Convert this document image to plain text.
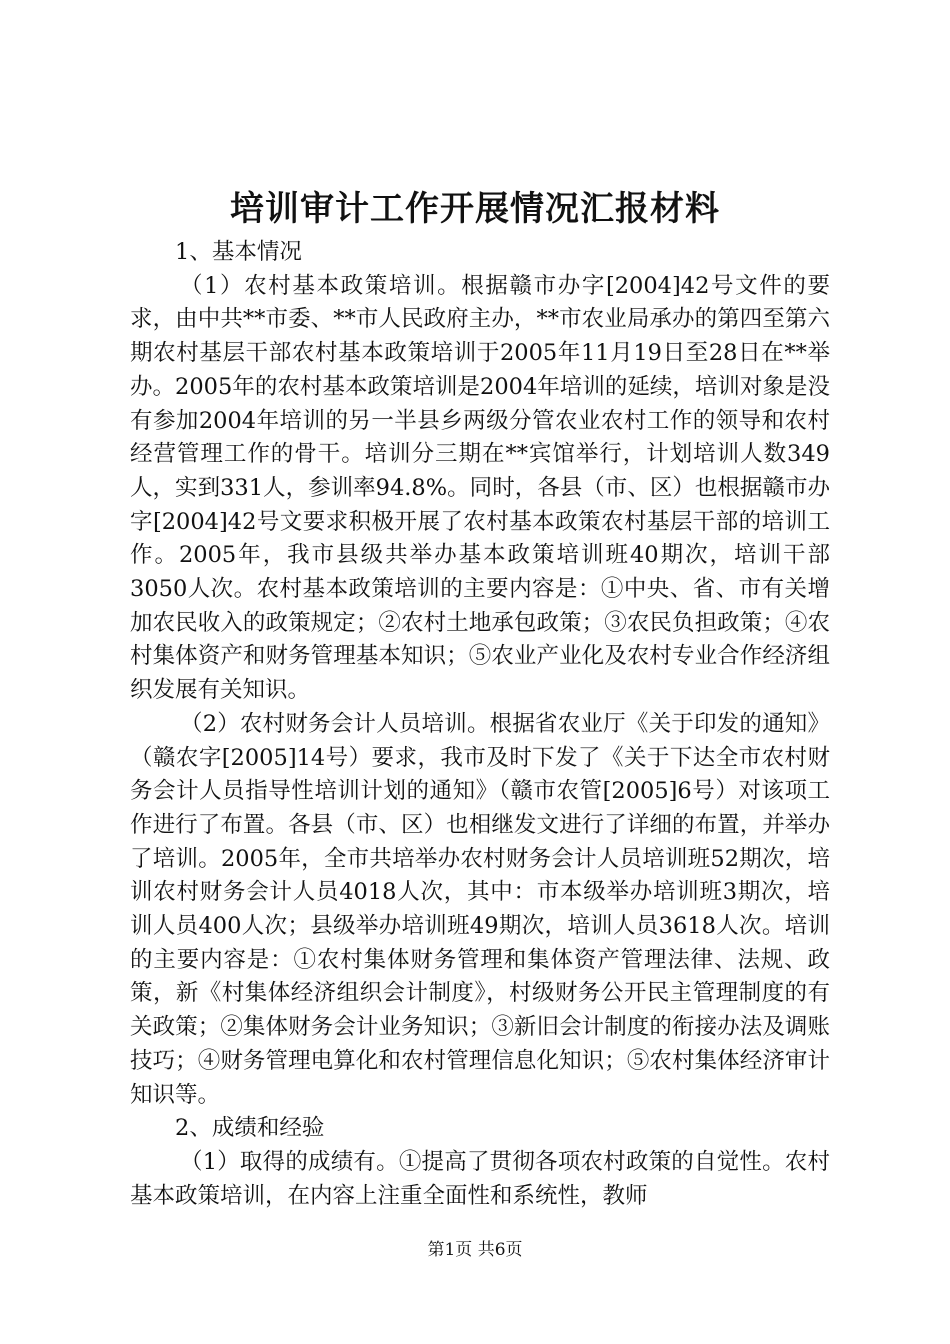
培训审计工作开展情况汇报材料

1、基本情况

（1）农村基本政策培训。根据赣市办字[2004]42号文件的要求，由中共**市委、**市人民政府主办，**市农业局承办的第四至第六期农村基层干部农村基本政策培训于2005年11月19日至28日在**举办。2005年的农村基本政策培训是2004年培训的延续，培训对象是没有参加2004年培训的另一半县乡两级分管农业农村工作的领导和农村经营管理工作的骨干。培训分三期在**宾馆举行，计划培训人数349人，实到331人，参训率94.8%。同时，各县（市、区）也根据赣市办字[2004]42号文要求积极开展了农村基本政策农村基层干部的培训工作。2005年，我市县级共举办基本政策培训班40期次，培训干部3050人次。农村基本政策培训的主要内容是：①中央、省、市有关增加农民收入的政策规定；②农村土地承包政策；③农民负担政策；④农村集体资产和财务管理基本知识；⑤农业产业化及农村专业合作经济组织发展有关知识。

（2）农村财务会计人员培训。根据省农业厅《关于印发的通知》（赣农字[2005]14号）要求，我市及时下发了《关于下达全市农村财务会计人员指导性培训计划的通知》（赣市农管[2005]6号）对该项工作进行了布置。各县（市、区）也相继发文进行了详细的布置，并举办了培训。2005年，全市共培举办农村财务会计人员培训班52期次，培训农村财务会计人员4018人次，其中：市本级举办培训班3期次，培训人员400人次；县级举办培训班49期次，培训人员3618人次。培训的主要内容是：①农村集体财务管理和集体资产管理法律、法规、政策，新《村集体经济组织会计制度》，村级财务公开民主管理制度的有关政策；②集体财务会计业务知识；③新旧会计制度的衔接办法及调账技巧；④财务管理电算化和农村管理信息化知识；⑤农村集体经济审计知识等。

2、成绩和经验

（1）取得的成绩有。①提高了贯彻各项农村政策的自觉性。农村基本政策培训，在内容上注重全面性和系统性，教师

第1页 共6页
